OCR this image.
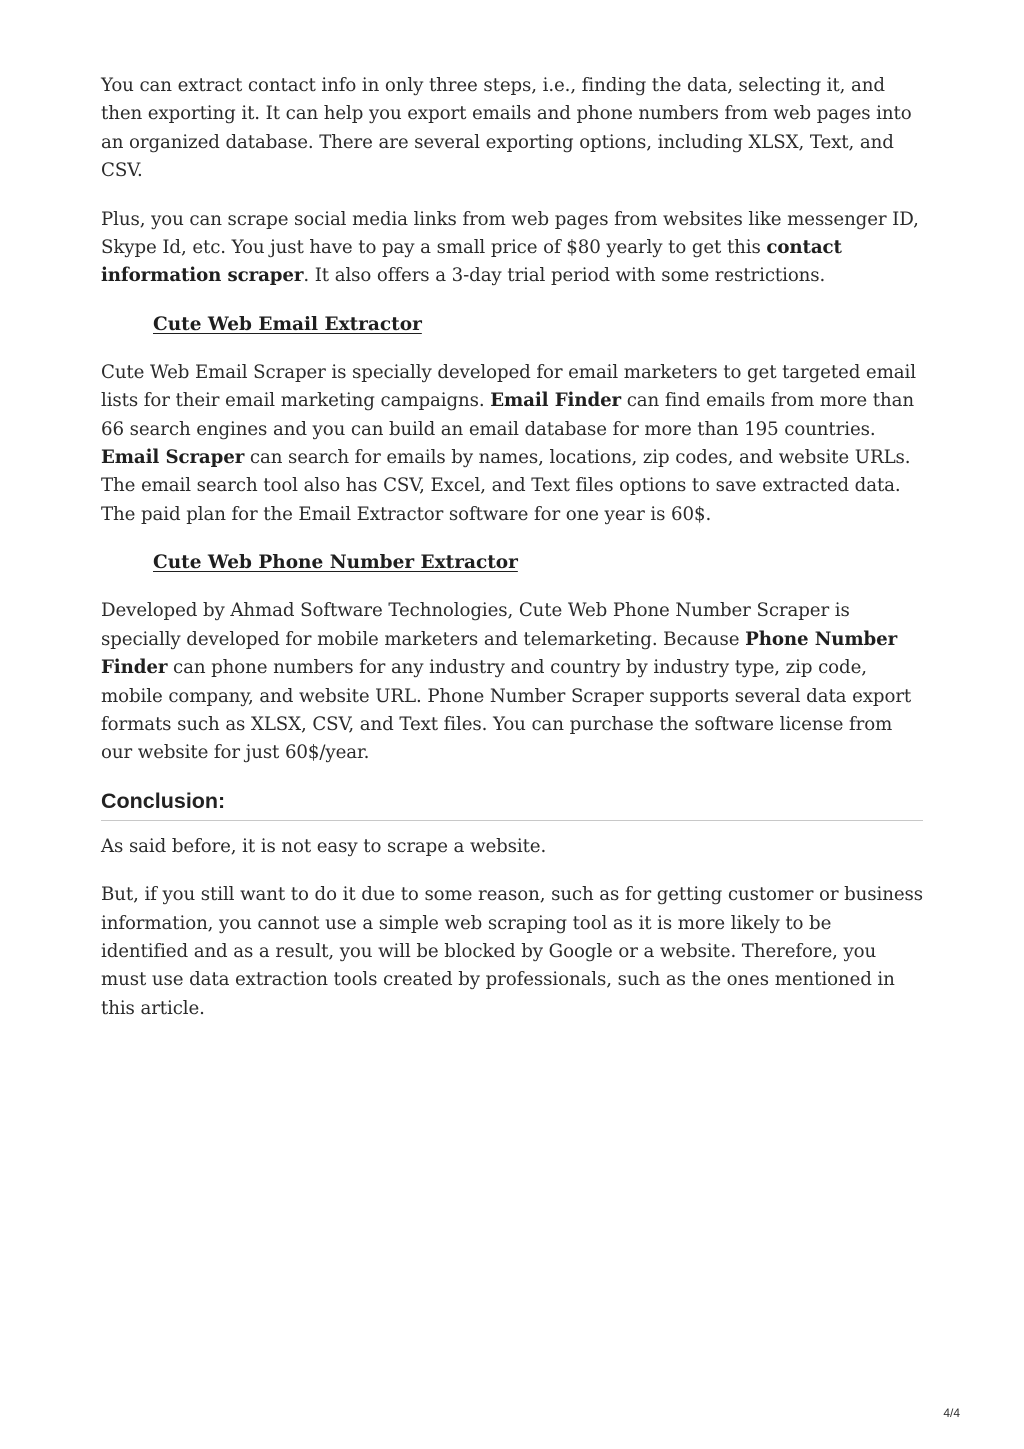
You can extract contact info in only three steps, i.e., finding the data, selecting it, and then exporting it. It can help you export emails and phone numbers from web pages into an organized database. There are several exporting options, including XLSX, Text, and CSV.

Plus, you can scrape social media links from web pages from websites like messenger ID, Skype Id, etc. You just have to pay a small price of $80 yearly to get this contact information scraper. It also offers a 3-day trial period with some restrictions.

Cute Web Email Extractor

Cute Web Email Scraper is specially developed for email marketers to get targeted email lists for their email marketing campaigns. Email Finder can find emails from more than 66 search engines and you can build an email database for more than 195 countries. Email Scraper can search for emails by names, locations, zip codes, and website URLs. The email search tool also has CSV, Excel, and Text files options to save extracted data. The paid plan for the Email Extractor software for one year is 60$.

Cute Web Phone Number Extractor

Developed by Ahmad Software Technologies, Cute Web Phone Number Scraper is specially developed for mobile marketers and telemarketing. Because Phone Number Finder can phone numbers for any industry and country by industry type, zip code, mobile company, and website URL. Phone Number Scraper supports several data export formats such as XLSX, CSV, and Text files. You can purchase the software license from our website for just 60$/year.

Conclusion:

As said before, it is not easy to scrape a website.

But, if you still want to do it due to some reason, such as for getting customer or business information, you cannot use a simple web scraping tool as it is more likely to be identified and as a result, you will be blocked by Google or a website. Therefore, you must use data extraction tools created by professionals, such as the ones mentioned in this article.

4/4
